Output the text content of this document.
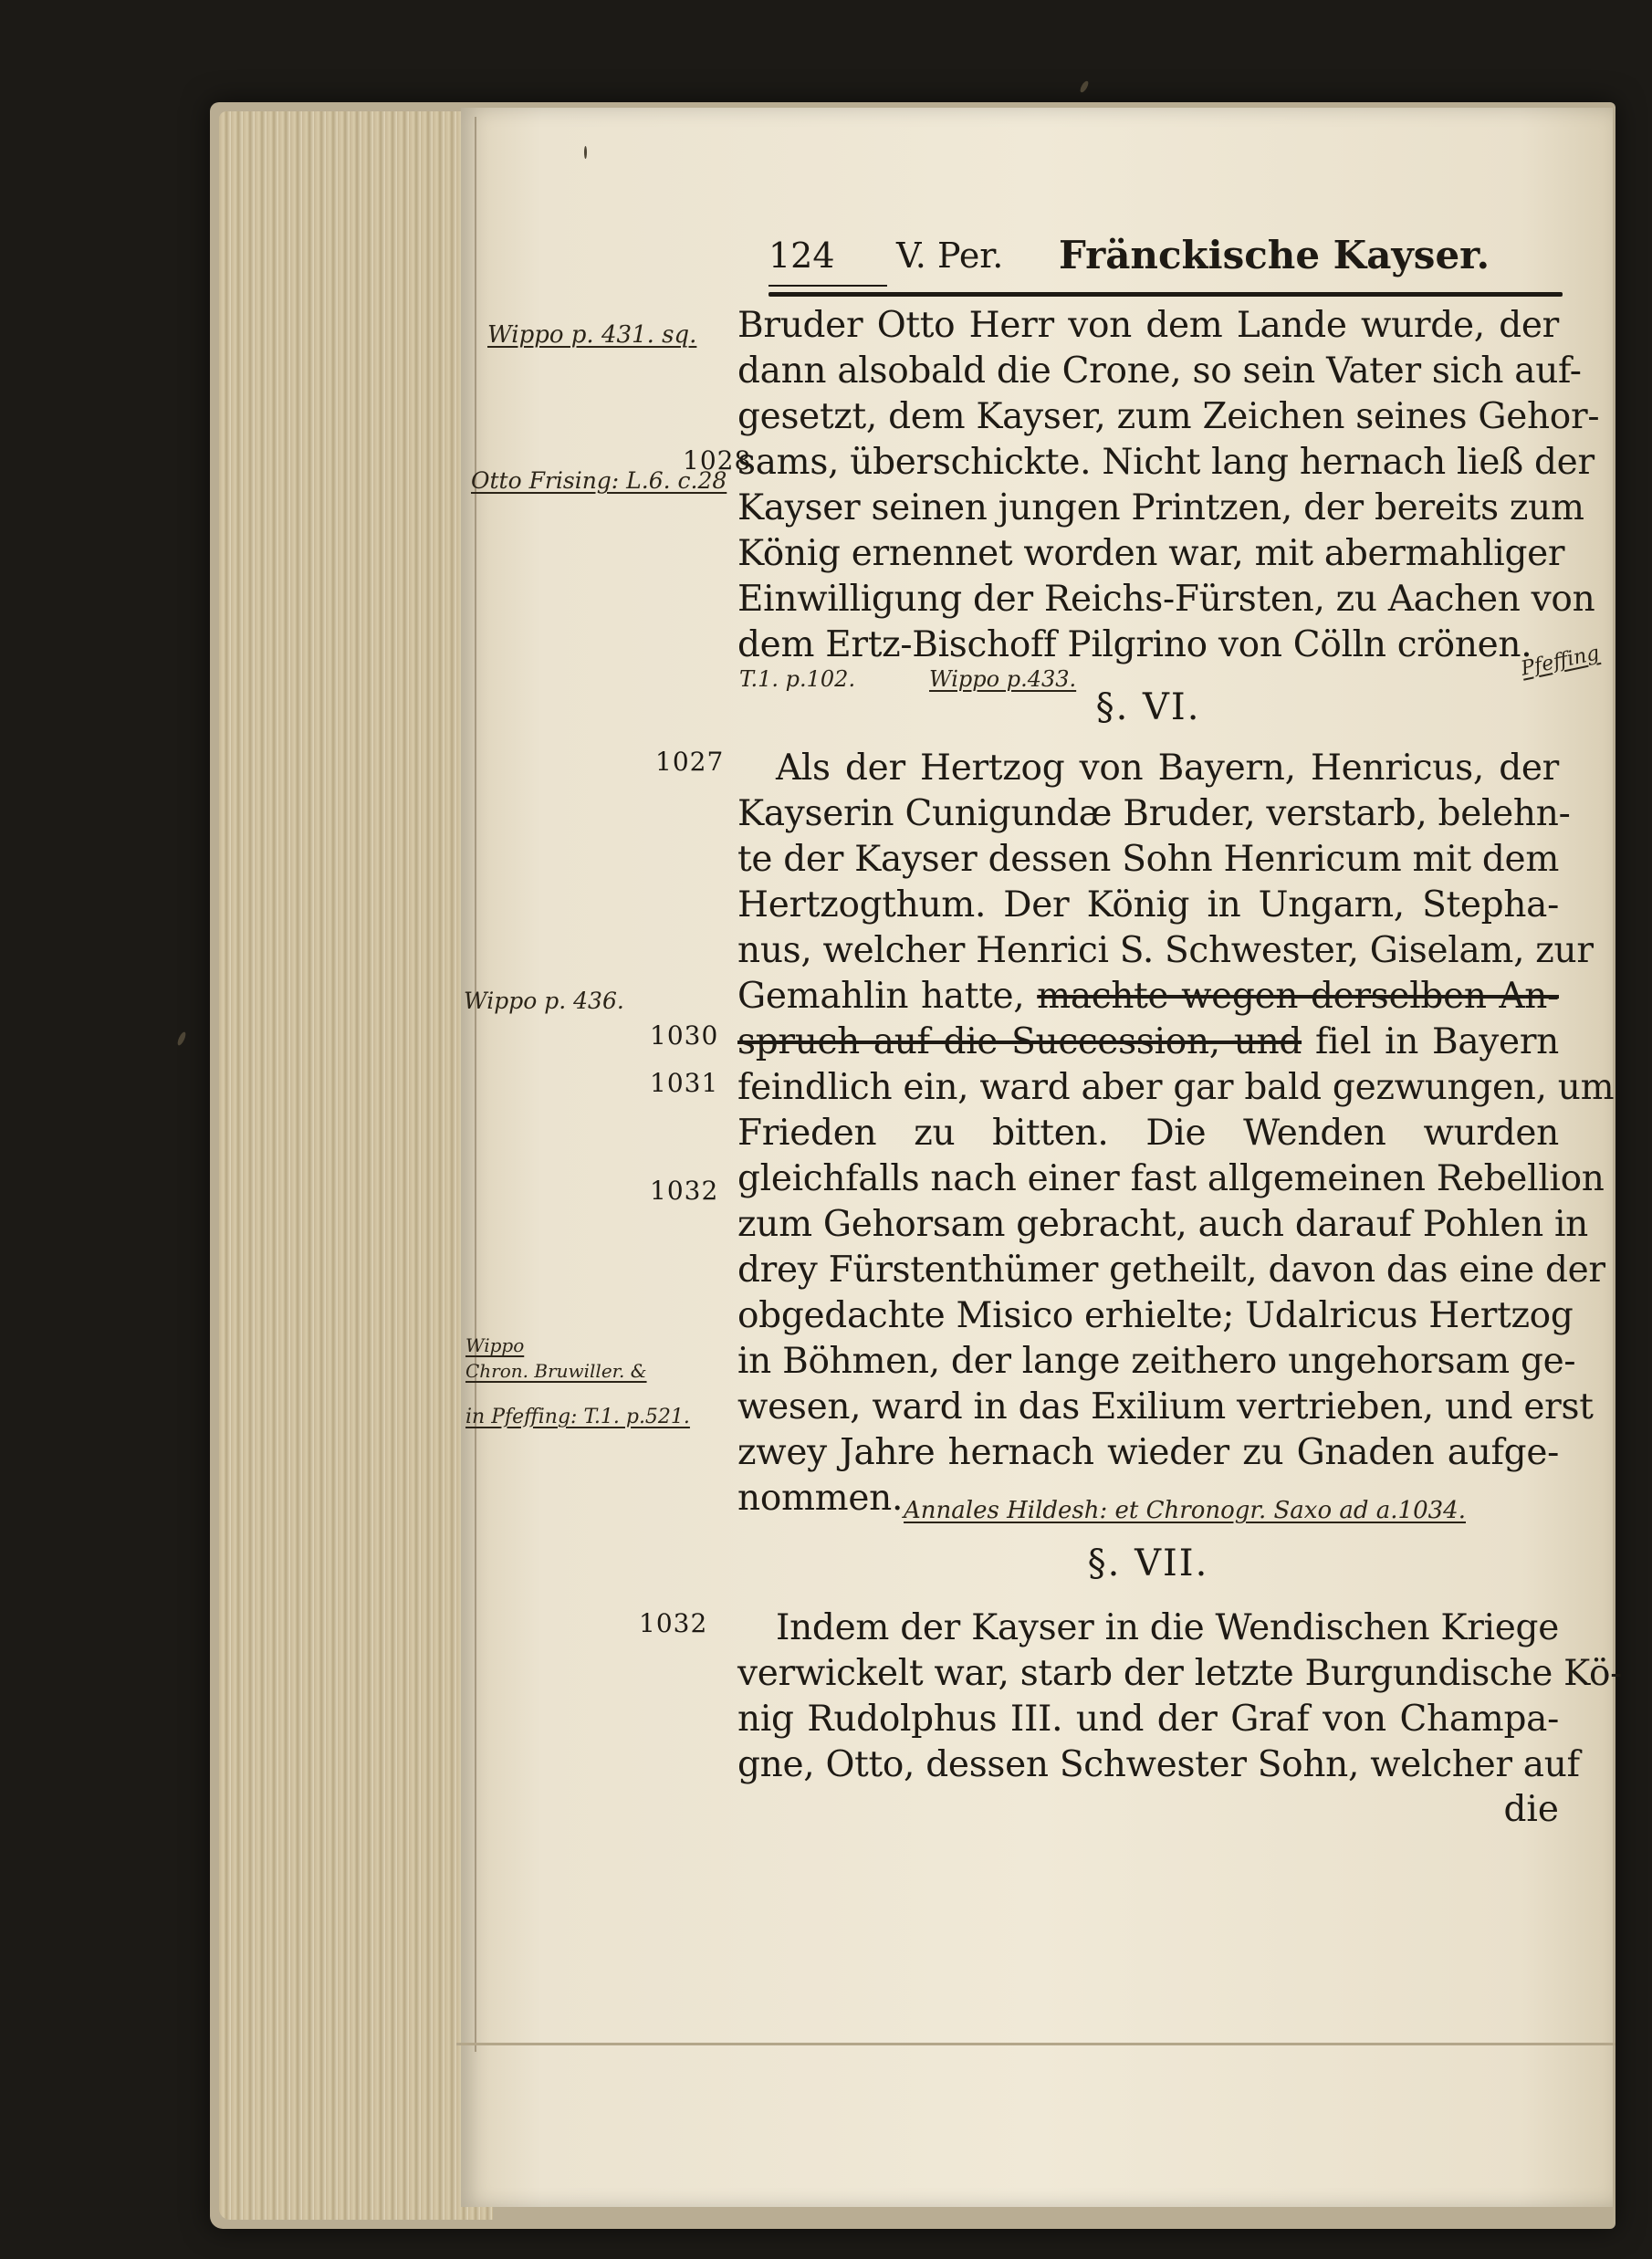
124 V. Per. Fränckische Kayser.
Bruder Otto Herr von dem Lande wurde, der
dann alsobald die Crone, so sein Vater sich auf-
gesetzt, dem Kayser, zum Zeichen seines Gehor-
sams, überschickte. Nicht lang hernach ließ der
Kayser seinen jungen Printzen, der bereits zum
König ernennet worden war, mit abermahliger
Einwilligung der Reichs-Fürsten, zu Aachen von
dem Ertz-Bischoff Pilgrino von Cölln crönen.
§. VI.
Als der Hertzog von Bayern, Henricus, der
Kayserin Cunigundæ Bruder, verstarb, belehn-
te der Kayser dessen Sohn Henricum mit dem
Hertzogthum. Der König in Ungarn, Stepha-
nus, welcher Henrici S. Schwester, Giselam, zur
Gemahlin hatte, machte wegen derselben An-
spruch auf die Succession, und fiel in Bayern
feindlich ein, ward aber gar bald gezwungen, um
Frieden zu bitten. Die Wenden wurden
gleichfalls nach einer fast allgemeinen Rebellion
zum Gehorsam gebracht, auch darauf Pohlen in
drey Fürstenthümer getheilt, davon das eine der
obgedachte Misico erhielte; Udalricus Hertzog
in Böhmen, der lange zeithero ungehorsam ge-
wesen, ward in das Exilium vertrieben, und erst
zwey Jahre hernach wieder zu Gnaden aufge-
nommen.
§. VII.
Indem der Kayser in die Wendischen Kriege
verwickelt war, starb der letzte Burgundische Kö-
nig Rudolphus III. und der Graf von Champa-
gne, Otto, dessen Schwester Sohn, welcher auf
die
1028
1027
1030
1031
1032
1032
Wippo p. 431. sq.
Otto Frising: L.6. c.28
Pfeffing
T.1. p.102.	Wippo p.433.
Wippo p. 436.
Wippo
Chron. Bruwiller. &
in Pfeffing: T.1. p.521.
Annales Hildesh: et Chronogr. Saxo ad a.1034.
